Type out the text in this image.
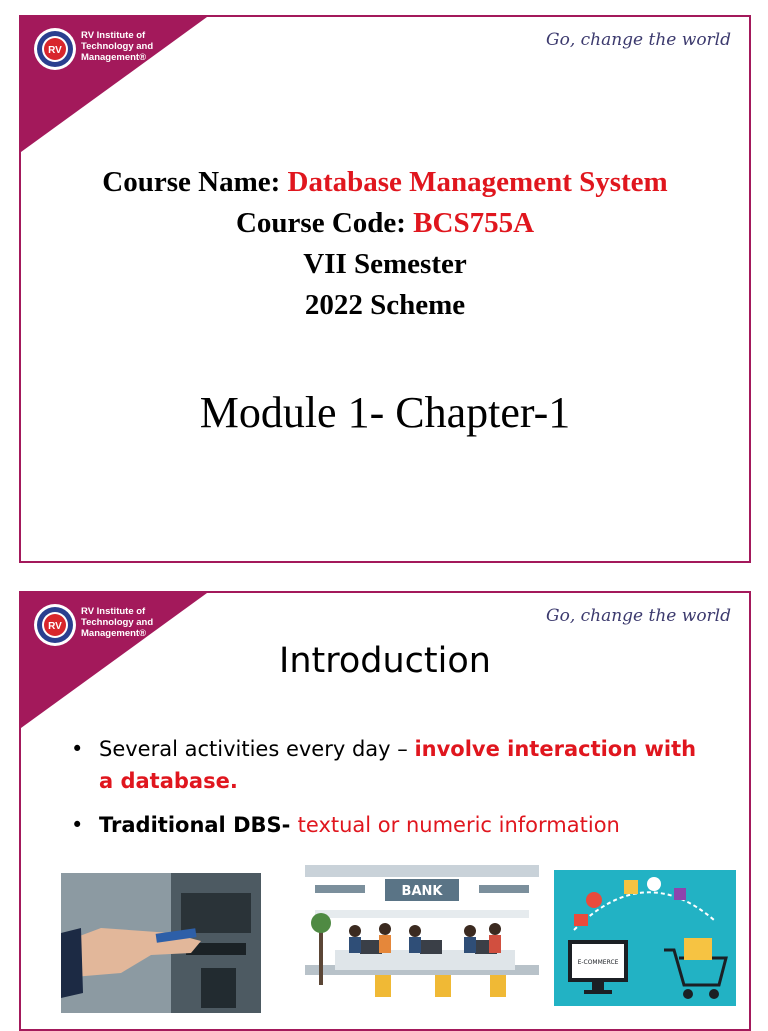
RV
RV Institute of
Technology and
Management®
Go, change the world
Course Name: Database Management System
Course Code: BCS755A
VII Semester
2022 Scheme
Module 1- Chapter-1
RV
RV Institute of
Technology and
Management®
Go, change the world
Introduction
• Several activities every day – involve interaction with a database.
• Traditional DBS- textual or numeric information
BANK
E-COMMERCE
